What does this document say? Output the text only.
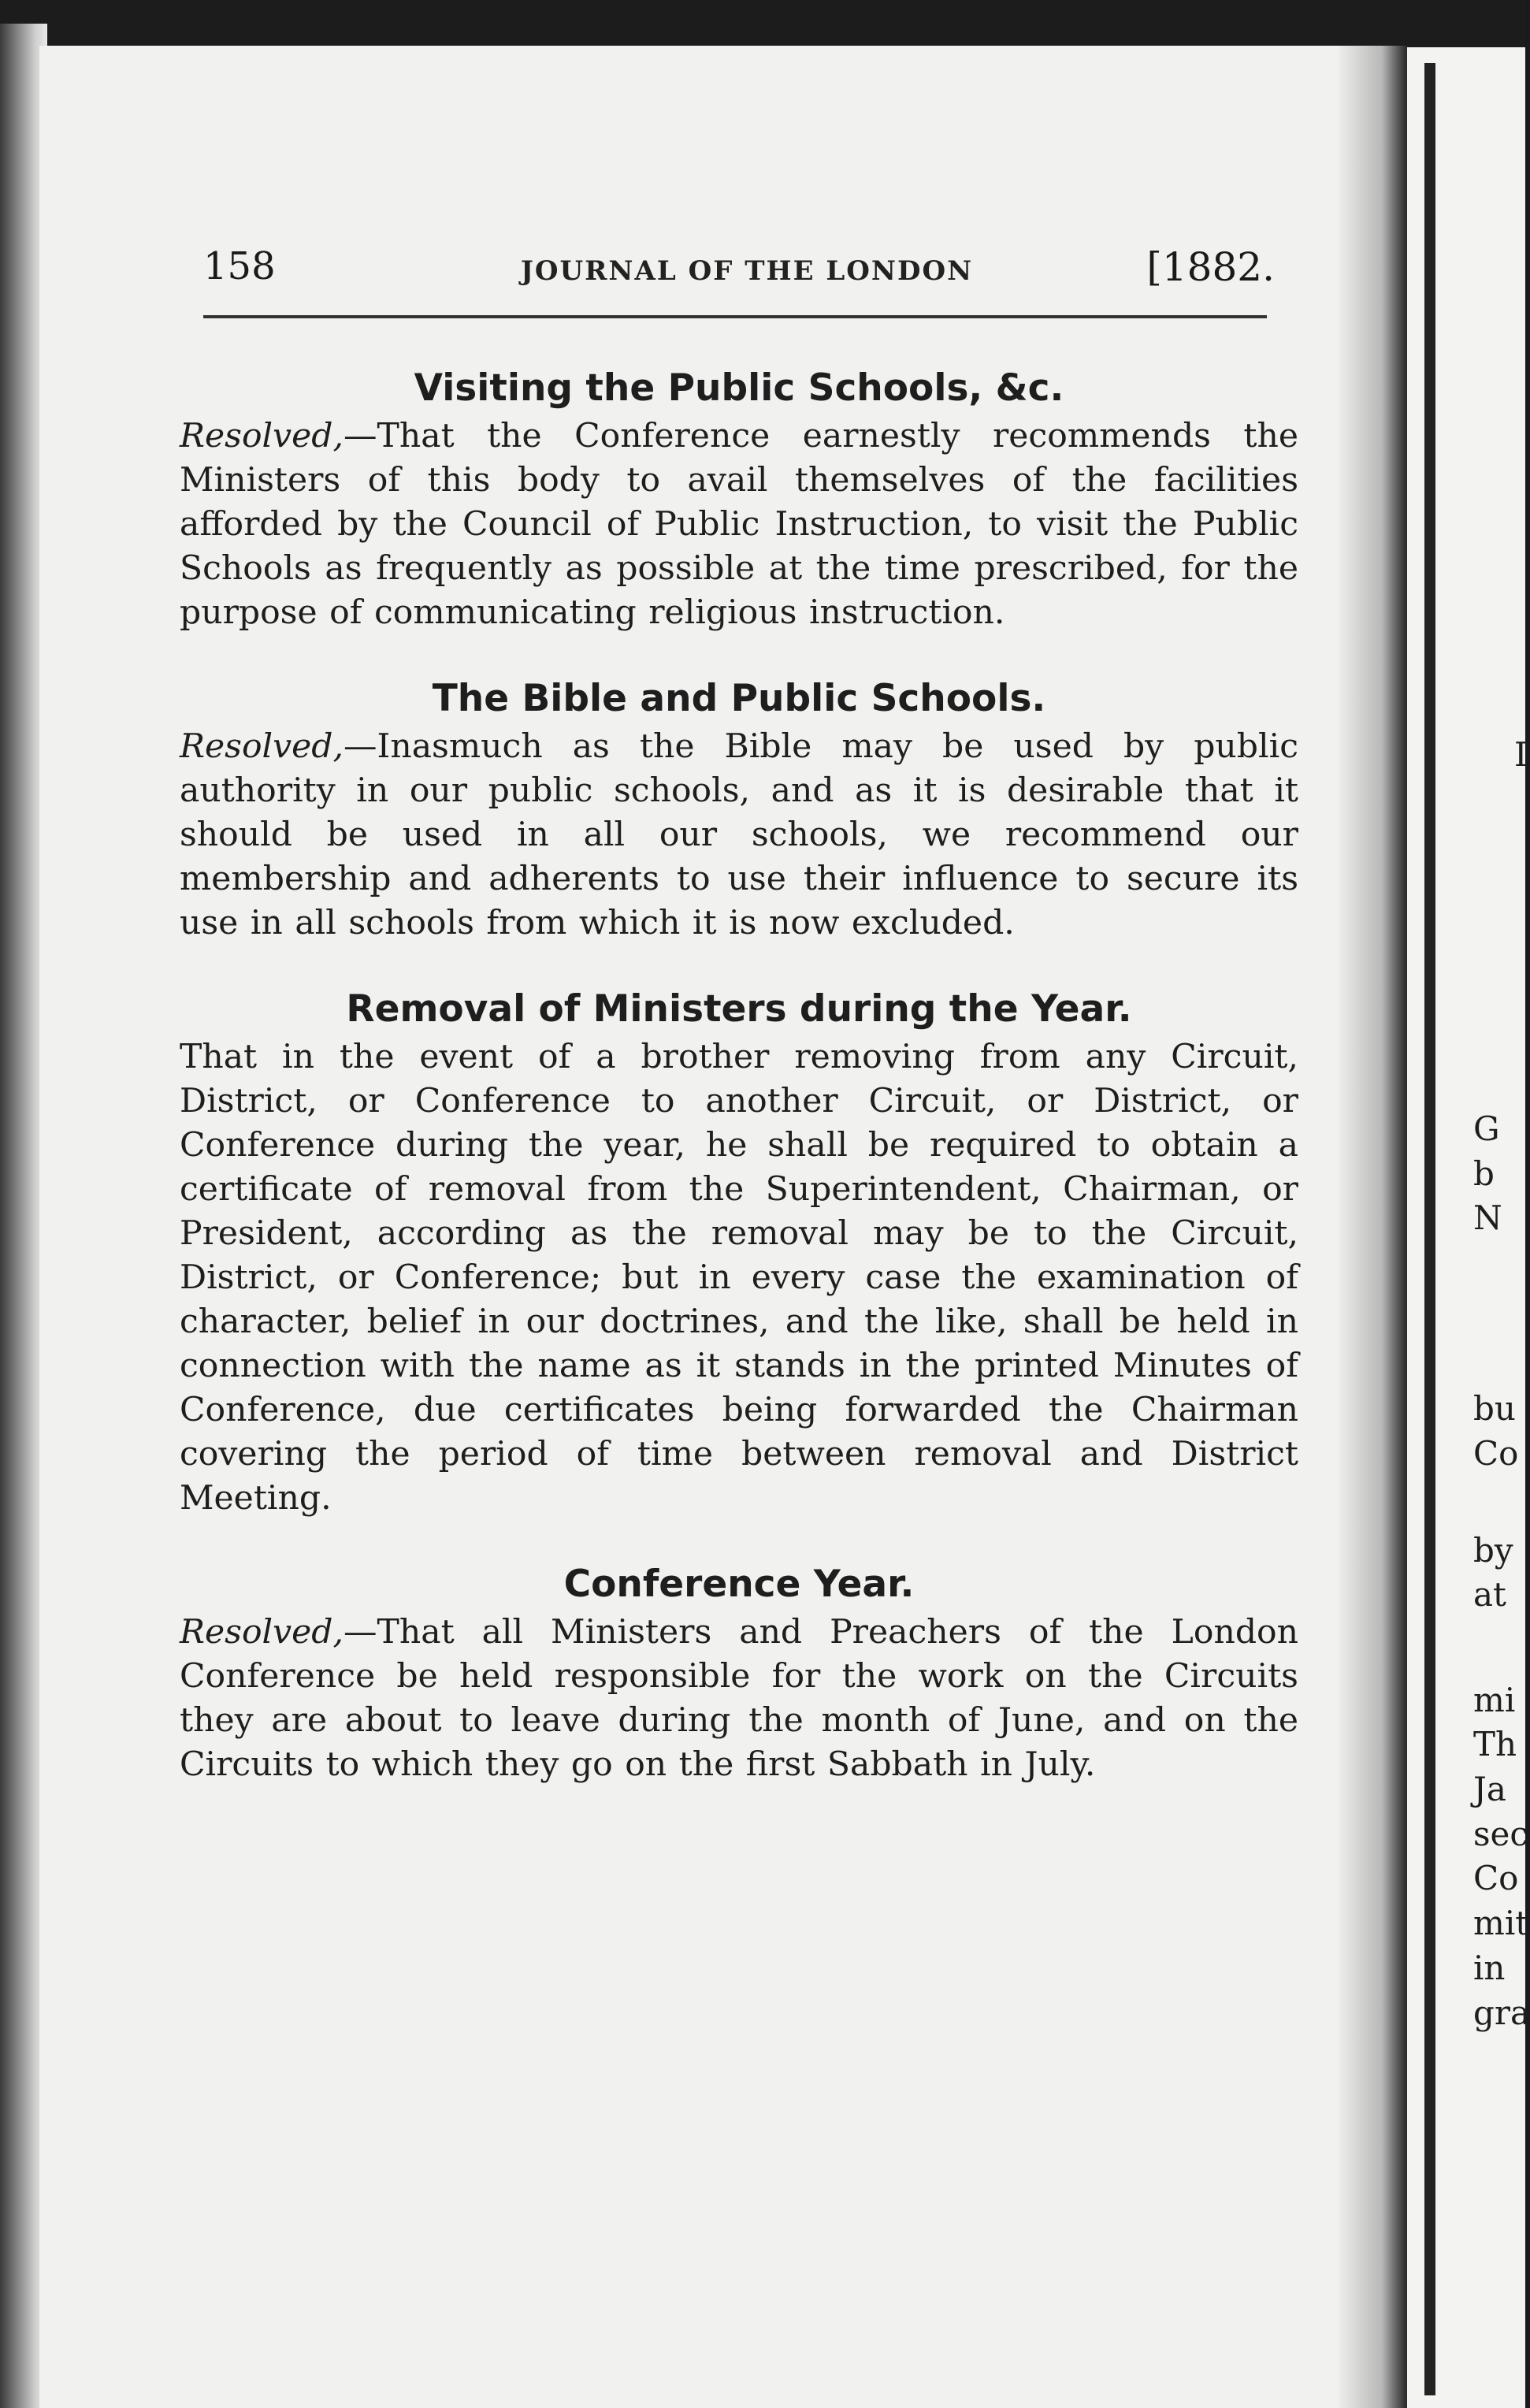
158	JOURNAL OF THE LONDON	[1882.
Visiting the Public Schools, &c.

Resolved,—That the Conference earnestly recommends the Ministers of this body to avail themselves of the facilities afforded by the Council of Public Instruction, to visit the Public Schools as frequently as possible at the time prescribed, for the purpose of communicating religious instruction.

The Bible and Public Schools.

Resolved,—Inasmuch as the Bible may be used by public authority in our public schools, and as it is desirable that it should be used in all our schools, we recommend our membership and adherents to use their influence to secure its use in all schools from which it is now excluded.

Removal of Ministers during the Year.

That in the event of a brother removing from any Circuit, District, or Conference to another Circuit, or District, or Conference during the year, he shall be required to obtain a certificate of removal from the Superintendent, Chairman, or President, according as the removal may be to the Circuit, District, or Conference; but in every case the examination of character, belief in our doctrines, and the like, shall be held in connection with the name as it stands in the printed Minutes of Conference, due certificates being forwarded the Chairman covering the period of time between removal and District Meeting.

Conference Year.

Resolved,—That all Ministers and Preachers of the London Conference be held responsible for the work on the Circuits they are about to leave during the month of June, and on the Circuits to which they go on the first Sabbath in July.

I
G
b
N
bu
Co
by
at
mi
Th
Ja
sec
Co
mit
in
gra
